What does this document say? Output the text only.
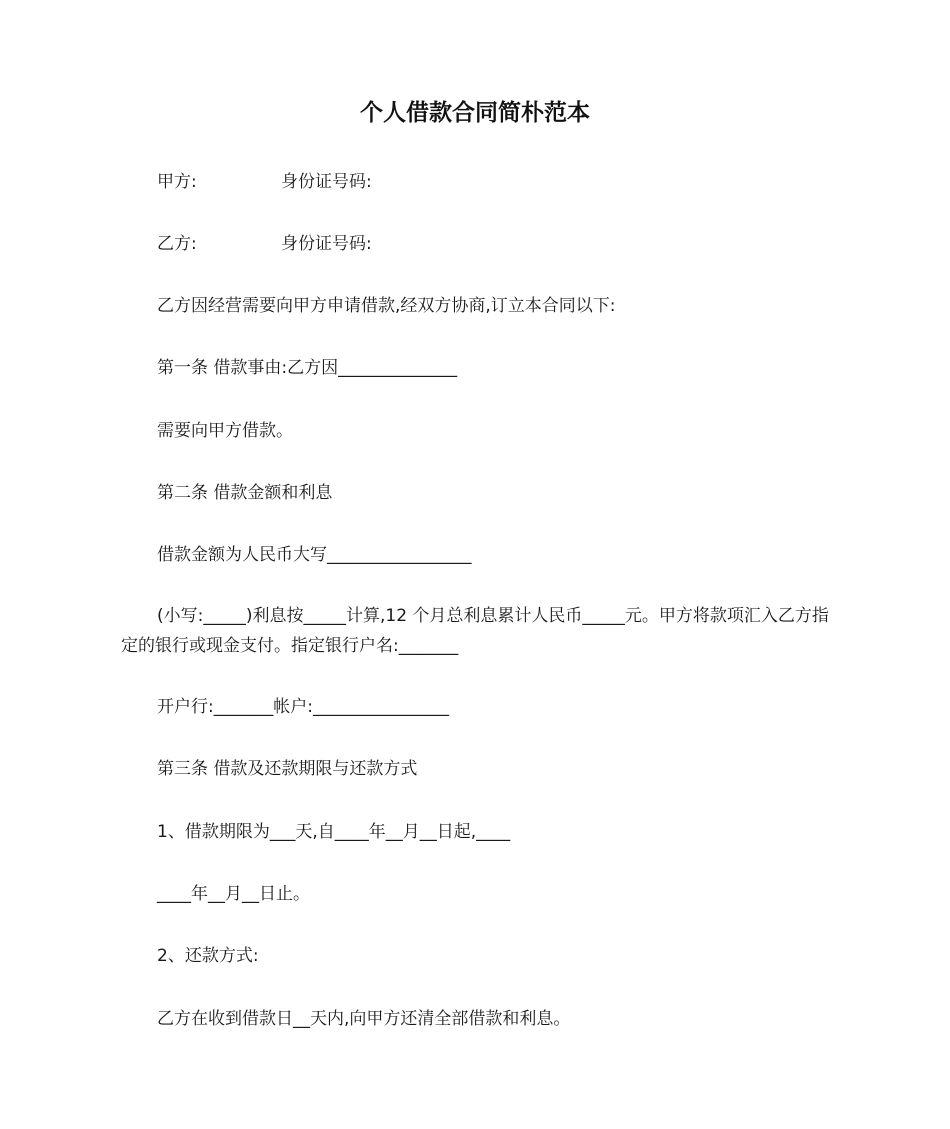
个人借款合同简朴范本
甲方:	身份证号码:
乙方:	身份证号码:
乙方因经营需要向甲方申请借款,经双方协商,订立本合同以下:
第一条 借款事由:乙方因______________
需要向甲方借款。
第二条 借款金额和利息
借款金额为人民币大写_________________
(小写:_____)利息按_____计算,12 个月总利息累计人民币_____元。甲方将款项汇入乙方指定的银行或现金支付。指定银行户名:_______
开户行:_______帐户:________________
第三条 借款及还款期限与还款方式
1、借款期限为___天,自____年__月__日起,____
____年__月__日止。
2、还款方式:
乙方在收到借款日__天内,向甲方还清全部借款和利息。
